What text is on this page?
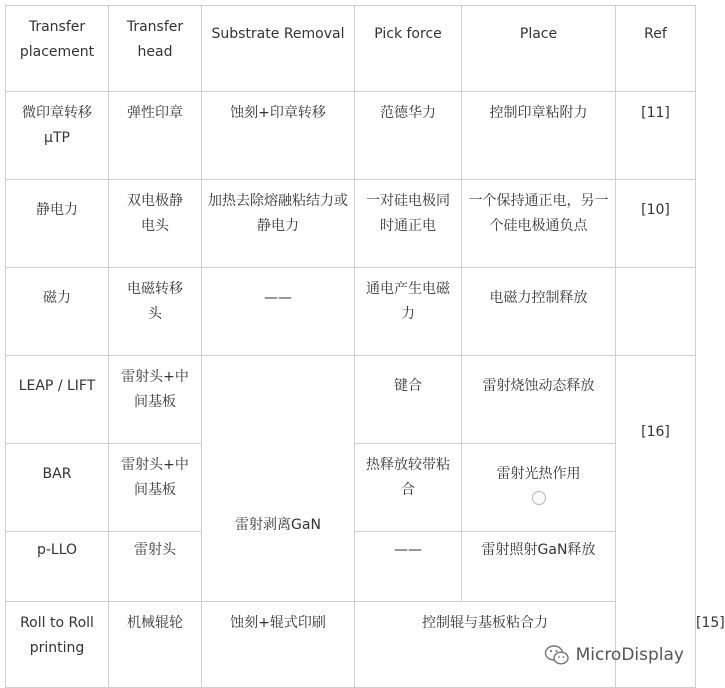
Transfer placement	Transfer head	Substrate Removal	Pick force	Place	Ref	

微印章转移μTP	弹性印章	蚀刻+印章转移	范德华力	控制印章粘附力	[11]	

静电力	双电极静电头	加热去除熔融粘结力或静电力	一对硅电极同时通正电	一个保持通正电，另一个硅电极通负点	[10]	

磁力	电磁转移头	——	通电产生电磁力	电磁力控制释放		

LEAP / LIFT	雷射头+中间基板	雷射剥离GaN	键合	雷射烧蚀动态释放	[16]	

BAR	雷射头+中间基板		热释放较带粘合	雷射光热作用		

p-LLO	雷射头		——	雷射照射GaN释放		

Roll to Roll printing	机械辊轮	蚀刻+辊式印刷	控制辊与基板粘合力			[15]
MicroDisplay
